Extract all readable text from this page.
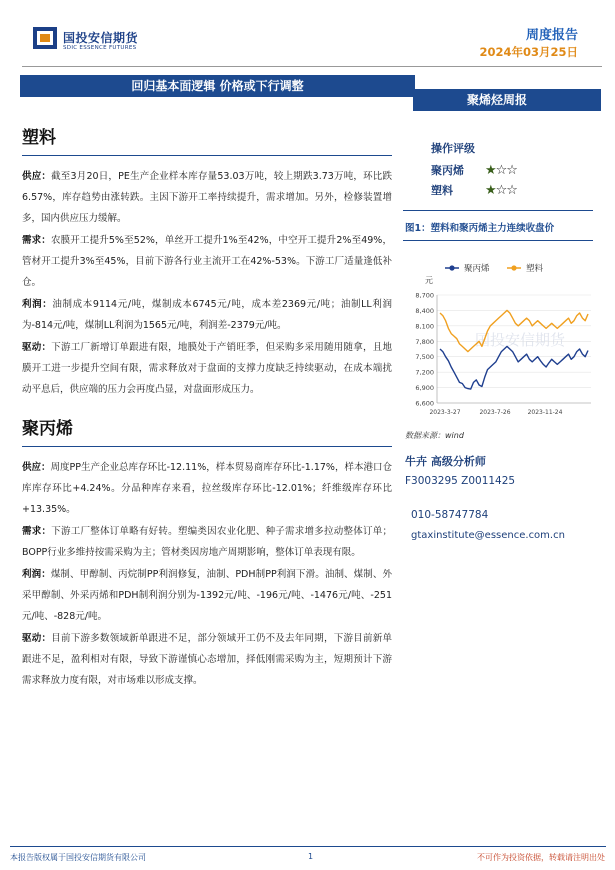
国投安信期货
SDIC ESSENCE FUTURES
周度报告
2024年03月25日
回归基本面逻辑 价格或下行调整
聚烯烃周报
塑料

供应：截至3月20日，PE生产企业样本库存量53.03万吨，较上期跌3.73万吨，环比跌6.57%，库存趋势由涨转跌。主因下游开工率持续提升，需求增加。另外，检修装置增多，国内供应压力缓解。

需求：农膜开工提升5%至52%，单丝开工提升1%至42%，中空开工提升2%至49%，管材开工提升3%至45%，目前下游各行业主流开工在42%-53%。下游工厂适量逢低补仓。

利润：油制成本9114元/吨，煤制成本6745元/吨，成本差2369元/吨；油制LL利润为-814元/吨，煤制LL利润为1565元/吨，利润差-2379元/吨。

驱动：下游工厂新增订单跟进有限，地膜处于产销旺季，但采购多采用随用随拿，且地膜开工进一步提升空间有限，需求释放对于盘面的支撑力度缺乏持续驱动，在成本端扰动平息后，供应端的压力会再度凸显，对盘面形成压力。

聚丙烯

供应：周度PP生产企业总库存环比-12.11%，样本贸易商库存环比-1.17%，样本港口仓库库存环比+4.24%。分品种库存来看，拉丝级库存环比-12.01%；纤维级库存环比+13.35%。

需求：下游工厂整体订单略有好转。塑编类因农业化肥、种子需求增多拉动整体订单；BOPP行业多维持按需采购为主；管材类因房地产周期影响，整体订单表现有限。

利润：煤制、甲醇制、丙烷制PP利润修复，油制、PDH制PP利润下滑。油制、煤制、外采甲醇制、外采丙烯和PDH制利润分别为-1392元/吨、-196元/吨、-1476元/吨、-251元/吨、-828元/吨。

驱动：目前下游多数领域新单跟进不足，部分领域开工仍不及去年同期，下游目前新单跟进不足，盈利相对有限，导致下游谨慎心态增加，择低刚需采购为主，短期预计下游需求释放力度有限，对市场难以形成支撑。

操作评级
聚丙烯	★☆☆
塑料	★☆☆
图1：塑料和聚丙烯主力连续收盘价
聚丙烯	塑料
元
6,600
6,900
7,200
7,500
7,800
8,100
8,400
8,700
国投安信期货
2023-3-27	2023-7-26	2023-11-24
数据来源：wind
牛卉 高级分析师
F3003295 Z0011425
010-58747784
gtaxinstitute@essence.com.cn
本报告版权属于国投安信期货有限公司	1	不可作为投资依据，转载请注明出处
